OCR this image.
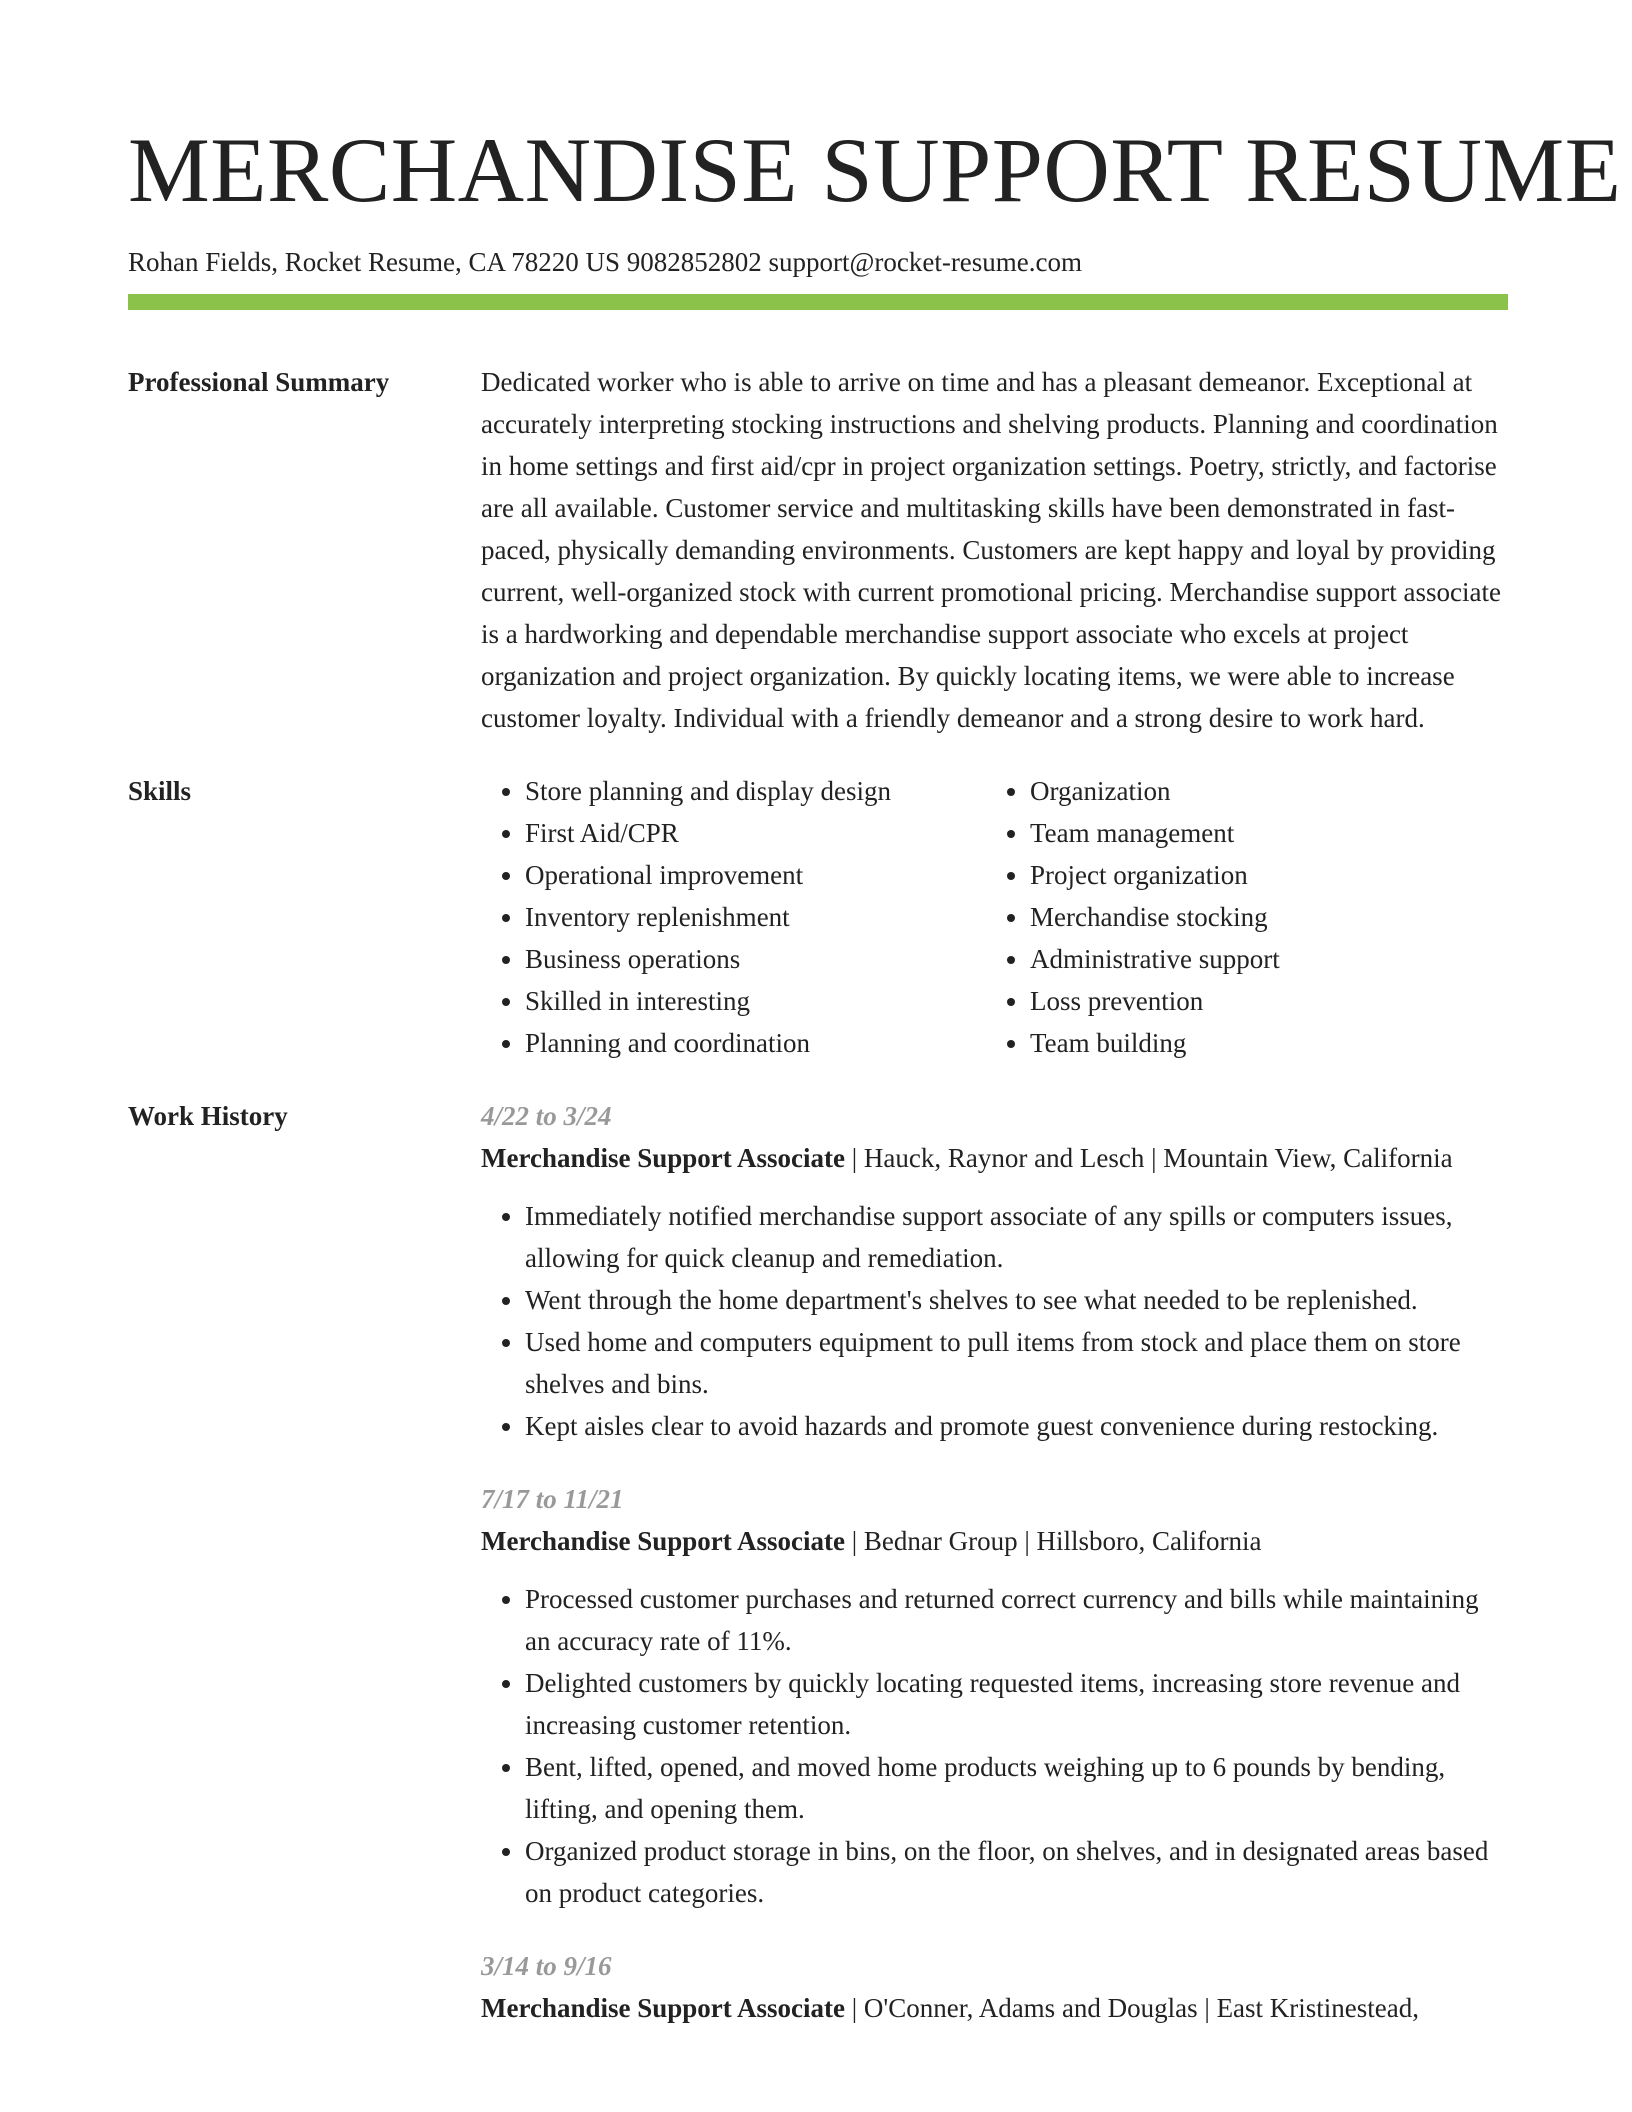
MERCHANDISE SUPPORT RESUME
Rohan Fields, Rocket Resume, CA 78220 US 9082852802 support@rocket-resume.com
Professional Summary	Dedicated worker who is able to arrive on time and has a pleasant demeanor. Exceptional at accurately interpreting stocking instructions and shelving products. Planning and coordination in home settings and first aid/cpr in project organization settings. Poetry, strictly, and factorise are all available. Customer service and multitasking skills have been demonstrated in fast-paced, physically demanding environments. Customers are kept happy and loyal by providing current, well-organized stock with current promotional pricing. Merchandise support associate is a hardworking and dependable merchandise support associate who excels at project organization and project organization. By quickly locating items, we were able to increase customer loyalty. Individual with a friendly demeanor and a strong desire to work hard.

Skills
•	Store planning and display design
• First Aid/CPR
• Operational improvement
• Inventory replenishment
• Business operations
• Skilled in interesting
• Planning and coordination
• Organization
• Team management
• Project organization
• Merchandise stocking
• Administrative support
• Loss prevention
• Team building
Work History	4/22 to 3/24
Merchandise Support Associate | Hauck, Raynor and Lesch | Mountain View, California
• Immediately notified merchandise support associate of any spills or computers issues, allowing for quick cleanup and remediation.
• Went through the home department's shelves to see what needed to be replenished.
• Used home and computers equipment to pull items from stock and place them on store shelves and bins.
• Kept aisles clear to avoid hazards and promote guest convenience during restocking.
7/17 to 11/21
Merchandise Support Associate | Bednar Group | Hillsboro, California
• Processed customer purchases and returned correct currency and bills while maintaining an accuracy rate of 11%.
• Delighted customers by quickly locating requested items, increasing store revenue and increasing customer retention.
• Bent, lifted, opened, and moved home products weighing up to 6 pounds by bending, lifting, and opening them.
• Organized product storage in bins, on the floor, on shelves, and in designated areas based on product categories.
3/14 to 9/16
Merchandise Support Associate | O'Conner, Adams and Douglas | East Kristinestead,
